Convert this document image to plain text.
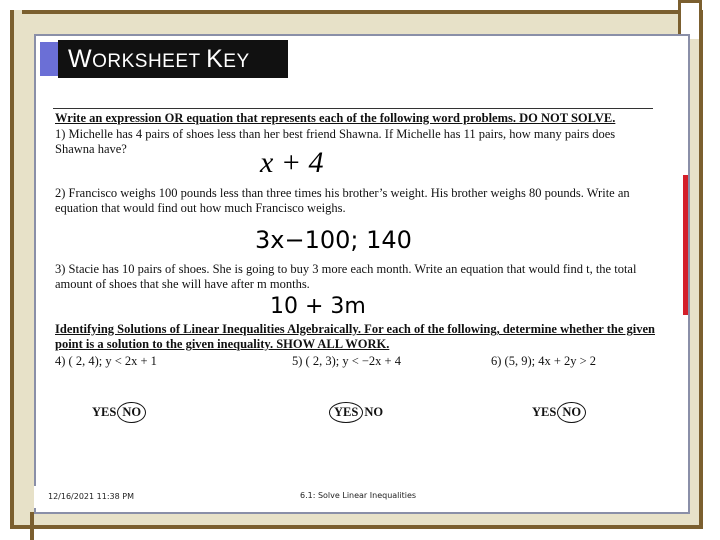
WORKSHEET KEY
Write an expression OR equation that represents each of the following word problems. DO NOT SOLVE.
1) Michelle has 4 pairs of shoes less than her best friend Shawna. If Michelle has 11 pairs, how many pairs does Shawna have?	x + 4
2) Francisco weighs 100 pounds less than three times his brother’s weight. His brother weighs 80 pounds. Write an equation that would find out how much Francisco weighs.
3x−100; 140
3) Stacie has 10 pairs of shoes. She is going to buy 3 more each month. Write an equation that would find t, the total amount of shoes that she will have after m months.
10 + 3m
Identifying Solutions of Linear Inequalities Algebraically. For each of the following, determine whether the given point is a solution to the given inequality. SHOW ALL WORK.
4) ( 2, 4); y < 2x + 1	5) ( 2, 3); y < −2x + 4	6) (5, 9); 4x + 2y > 2
YES NO	YES NO	YES NO
12/16/2021 11:38 PM	6.1: Solve Linear Inequalities
